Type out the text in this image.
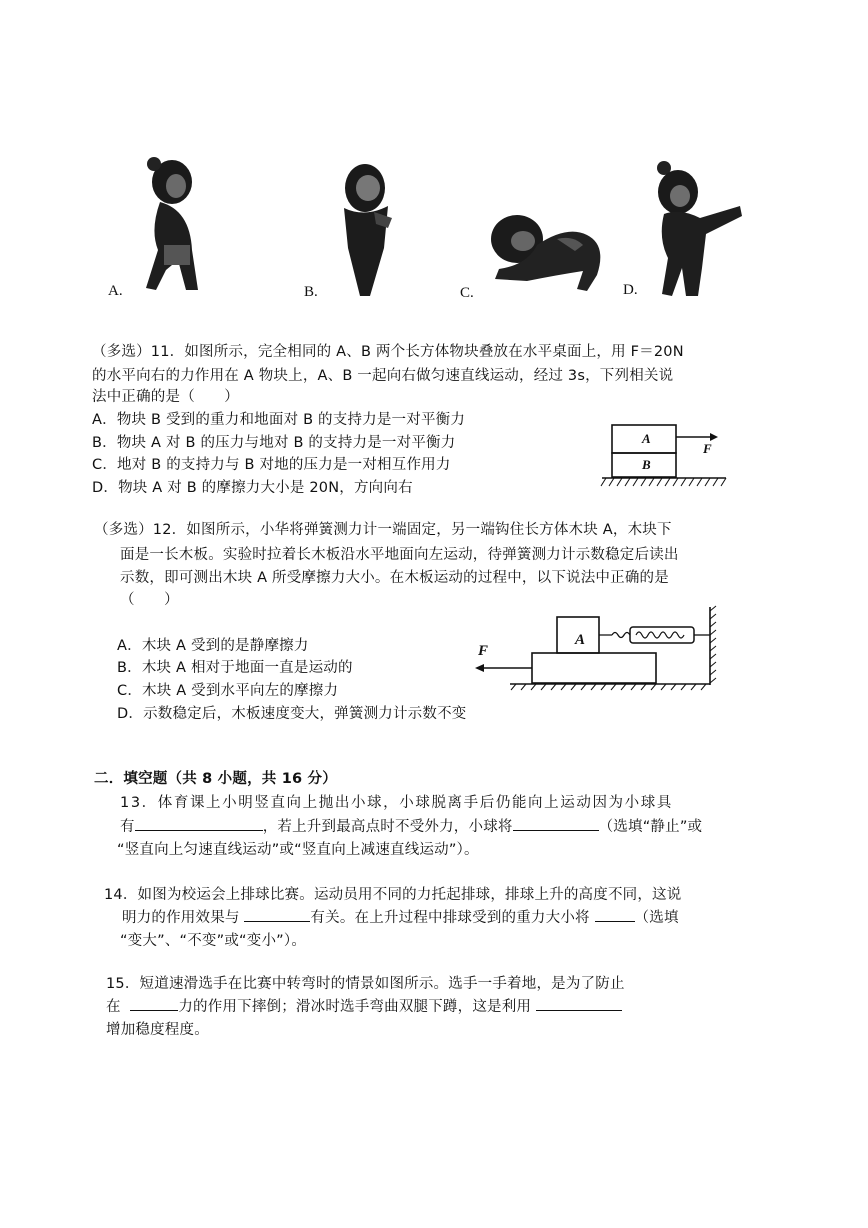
A.	B.	C.	D.
（多选）11．如图所示，完全相同的 A、B 两个长方体物块叠放在水平桌面上，用 F＝20N
的水平向右的力作用在 A 物块上，A、B 一起向右做匀速直线运动，经过 3s，下列相关说
法中正确的是（　　）
A．物块 B 受到的重力和地面对 B 的支持力是一对平衡力
B．物块 A 对 B 的压力与地对 B 的支持力是一对平衡力
C．地对 B 的支持力与 B 对地的压力是一对相互作用力
D．物块 A 对 B 的摩擦力大小是 20N，方向向右
A
B
F
（多选）12．如图所示，小华将弹簧测力计一端固定，另一端钩住长方体木块 A，木块下
面是一长木板。实验时拉着长木板沿水平地面向左运动，待弹簧测力计示数稳定后读出
示数，即可测出木块 A 所受摩擦力大小。在木板运动的过程中，以下说法中正确的是
（　　）
A．木块 A 受到的是静摩擦力
B．木块 A 相对于地面一直是运动的
C．木块 A 受到水平向左的摩擦力
D．示数稳定后，木板速度变大，弹簧测力计示数不变
A
F
二．填空题（共 8 小题，共 16 分）
13．体育课上小明竖直向上抛出小球，小球脱离手后仍能向上运动因为小球具
有	，若上升到最高点时不受外力，小球将	（选填“静止”或
“竖直向上匀速直线运动”或“竖直向上减速直线运动”）。
14．如图为校运会上排球比赛。运动员用不同的力托起排球，排球上升的高度不同，这说
明力的作用效果与	有关。在上升过程中排球受到的重力大小将	（选填
“变大”、“不变”或“变小”）。
15．短道速滑选手在比赛中转弯时的情景如图所示。选手一手着地，是为了防止
在	力的作用下摔倒；滑冰时选手弯曲双腿下蹲，这是利用
增加稳度程度。
